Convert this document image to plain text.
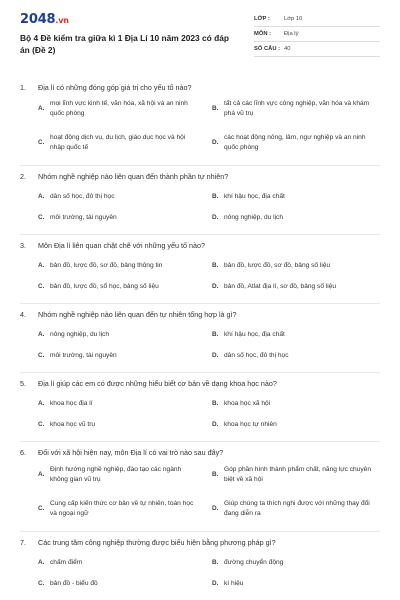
2048.vn
Bộ 4 Đề kiểm tra giữa kì 1 Địa Lí 10 năm 2023 có đáp án (Đề 2)
LỚP :	Lớp 10
MÔN :	Địa lý
SỐ CÂU : 40
1.	Địa lí có những đóng góp giá trị cho yếu tố nào?
A.
mọi lĩnh vực kinh tế, văn hóa, xã hội và an ninh quốc phòng
B.
tất cả các lĩnh vực công nghiệp, văn hóa và khám phá vũ trụ
C.
hoạt động dịch vụ, du lịch, giáo dục học và hội nhập quốc tế
D.
các hoạt động nông, lâm, ngư nghiệp và an ninh quốc phòng
2.	Nhóm nghề nghiệp nào liên quan đến thành phần tự nhiên?
A. dân số học, đô thị học	B. khí hậu học, địa chất
C. môi trường, tài nguyên	D. nông nghiệp, du lịch
3.	Môn Địa lí liên quan chặt chẽ với những yếu tố nào?
A. bản đồ, lược đồ, sơ đồ, bảng thông tin	B. bản đồ, lược đồ, sơ đồ, bảng số liệu
C. bản đồ, lược đồ, sổ học, bảng số liệu	D. bản đồ, Atlat địa lí, sơ đồ, bảng số liệu
4.	Nhóm nghề nghiệp nào liên quan đến tự nhiên tổng hợp là gì?
A. nông nghiệp, du lịch	B. khí hậu học, địa chất
C. môi trường, tài nguyên	D. dân số học, đô thị học
5.	Địa lí giúp các em có được những hiểu biết cơ bản về dạng khoa học nào?
A. khoa học địa lí	B. khoa học xã hội
C. khoa học vũ trụ	D. khoa học tự nhiên
6.	Đối với xã hội hiện nay, môn Địa lí có vai trò nào sau đây?
A.
Định hướng nghề nghiệp, đào tạo các ngành không gian vũ trụ
B.
Góp phần hình thành phẩm chất, năng lực chuyên biệt về xã hội
C.
Cung cấp kiến thức cơ bản về tự nhiên, toán học và ngoại ngữ
D.
Giúp chúng ta thích nghi được với những thay đổi đang diễn ra
7.	Các trung tâm công nghiệp thường được biểu hiện bằng phương pháp gì?
A. chấm điểm	B. đường chuyển động
C. bản đồ - biểu đồ	D. kí hiệu
